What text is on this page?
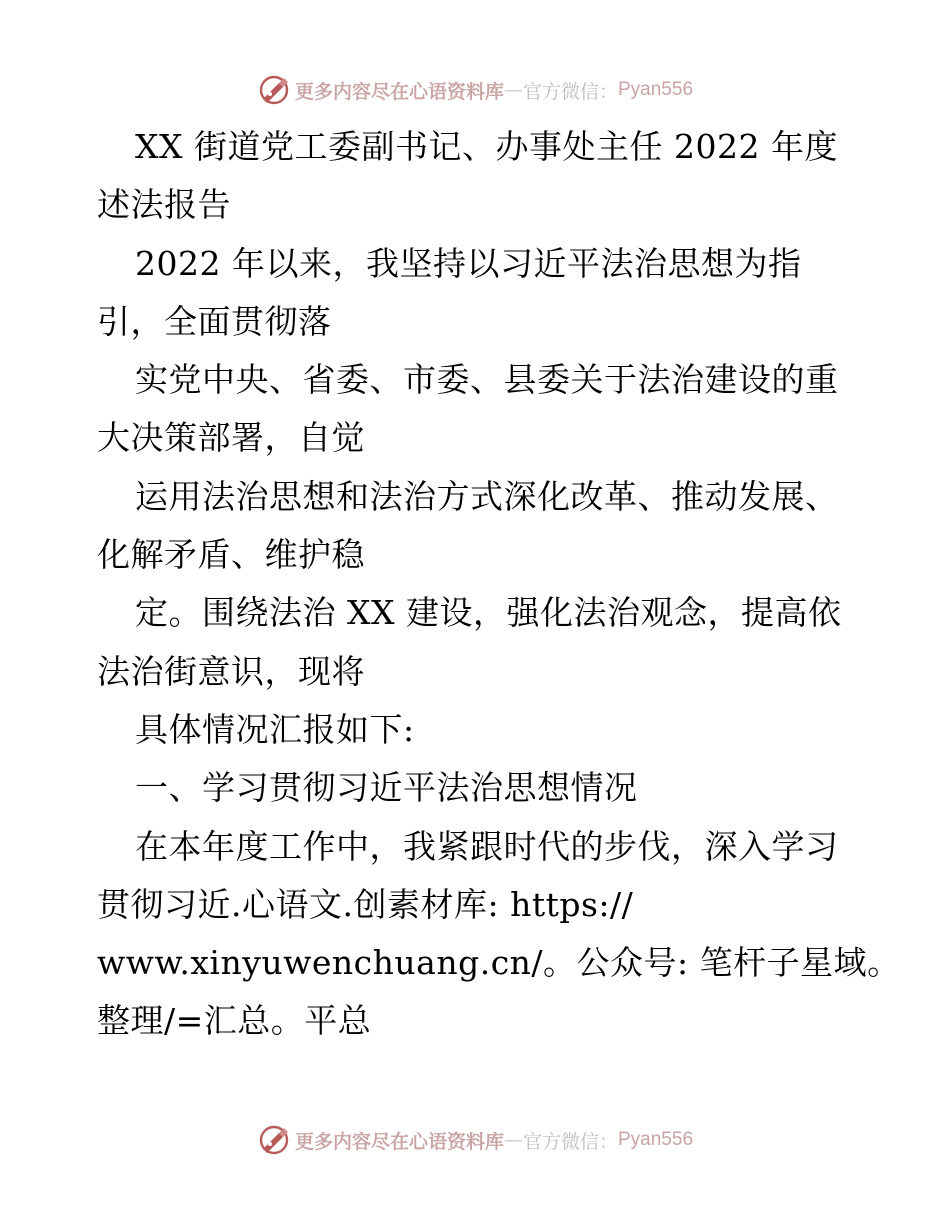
更多内容尽在心语资料库 — 官方微信： Pyan556
XX 街道党工委副书记、办事处主任 2022 年度
述法报告
2022 年以来，我坚持以习近平法治思想为指
引，全面贯彻落
实党中央、省委、市委、县委关于法治建设的重
大决策部署，自觉
运用法治思想和法治方式深化改革、推动发展、
化解矛盾、维护稳
定。围绕法治 XX 建设，强化法治观念，提高依
法治街意识，现将
具体情况汇报如下:
一、学习贯彻习近平法治思想情况
在本年度工作中，我紧跟时代的步伐，深入学习
贯彻习近.心语文.创素材库: https://
www.xinyuwenchuang.cn/。公众号: 笔杆子星域。
整理/=汇总。平总
更多内容尽在心语资料库 — 官方微信： Pyan556
